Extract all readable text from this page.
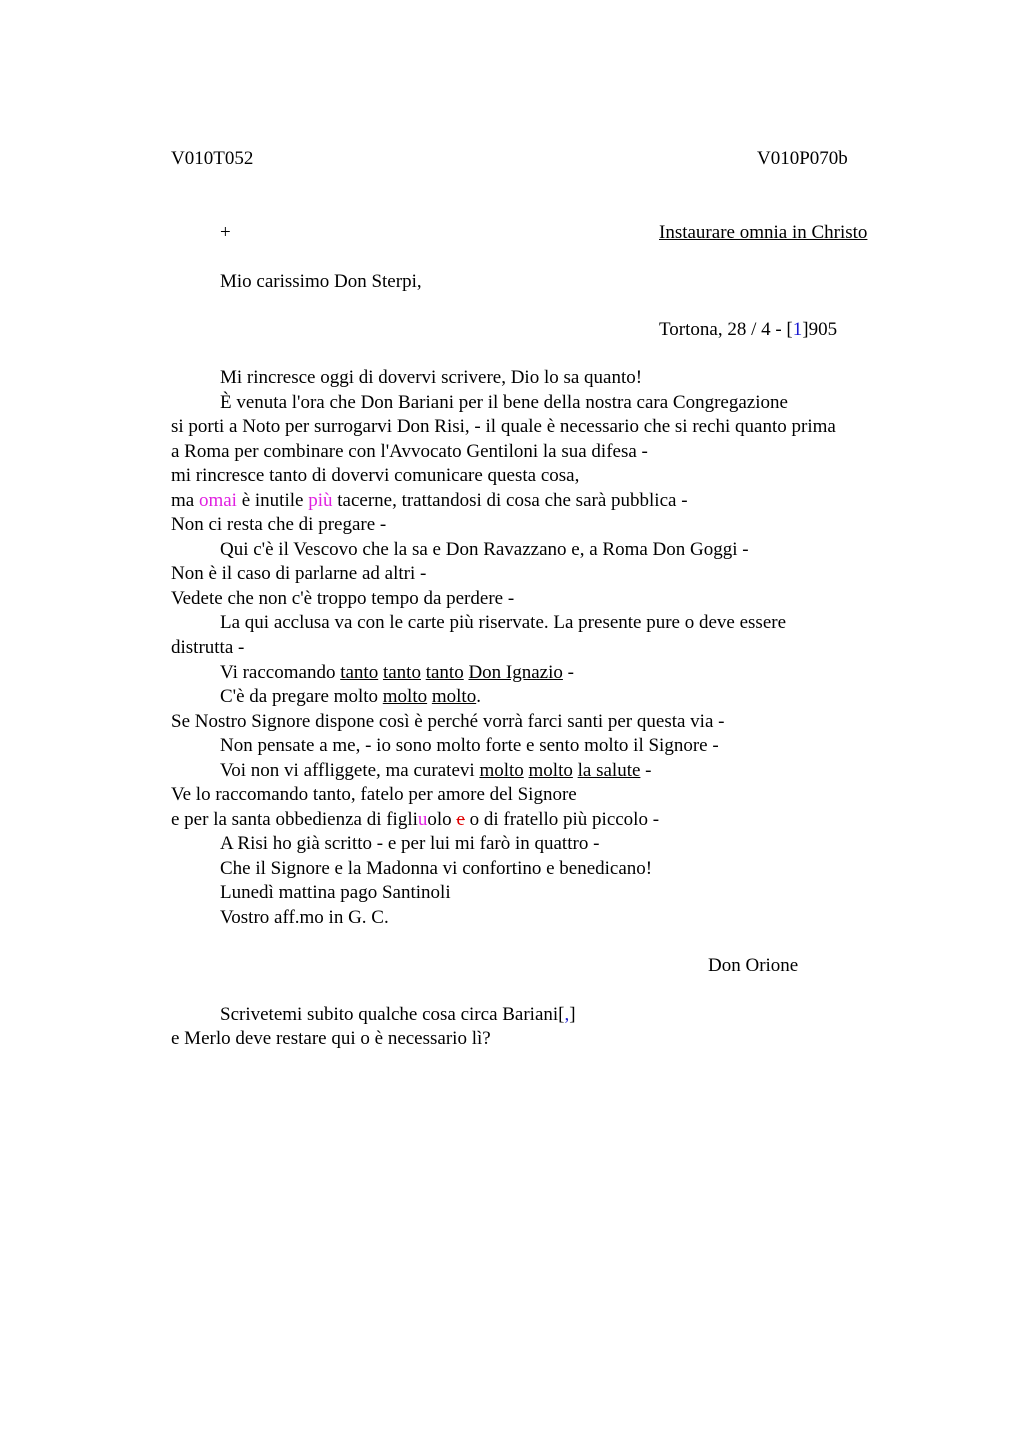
V010T052	V010P070b
+	Instaurare omnia in Christo
Mio carissimo Don Sterpi,
Tortona, 28 / 4 - [1]905
Mi rincresce oggi di dovervi scrivere, Dio lo sa quanto!
È venuta l'ora che Don Bariani per il bene della nostra cara Congregazione
si porti a Noto per surrogarvi Don Risi, - il quale è necessario che si rechi quanto prima
a Roma per combinare con l'Avvocato Gentiloni la sua difesa -
mi rincresce tanto di dovervi comunicare questa cosa,
ma omai è inutile più tacerne, trattandosi di cosa che sarà pubblica -
Non ci resta che di pregare -
Qui c'è il Vescovo che la sa e Don Ravazzano e, a Roma Don Goggi -
Non è il caso di parlarne ad altri -
Vedete che non c'è troppo tempo da perdere -
La qui acclusa va con le carte più riservate. La presente pure o deve essere
distrutta -
Vi raccomando tanto tanto tanto Don Ignazio -
C'è da pregare molto molto molto.
Se Nostro Signore dispone così è perché vorrà farci santi per questa via -
Non pensate a me, - io sono molto forte e sento molto il Signore -
Voi non vi affliggete, ma curatevi molto molto la salute -
Ve lo raccomando tanto, fatelo per amore del Signore
e per la santa obbedienza di figliuolo e o di fratello più piccolo -
A Risi ho già scritto - e per lui mi farò in quattro -
Che il Signore e la Madonna vi confortino e benedicano!
Lunedì mattina pago Santinoli
Vostro aff.mo in G. C.
Don Orione
Scrivetemi subito qualche cosa circa Bariani[,]
e Merlo deve restare qui o è necessario lì?
